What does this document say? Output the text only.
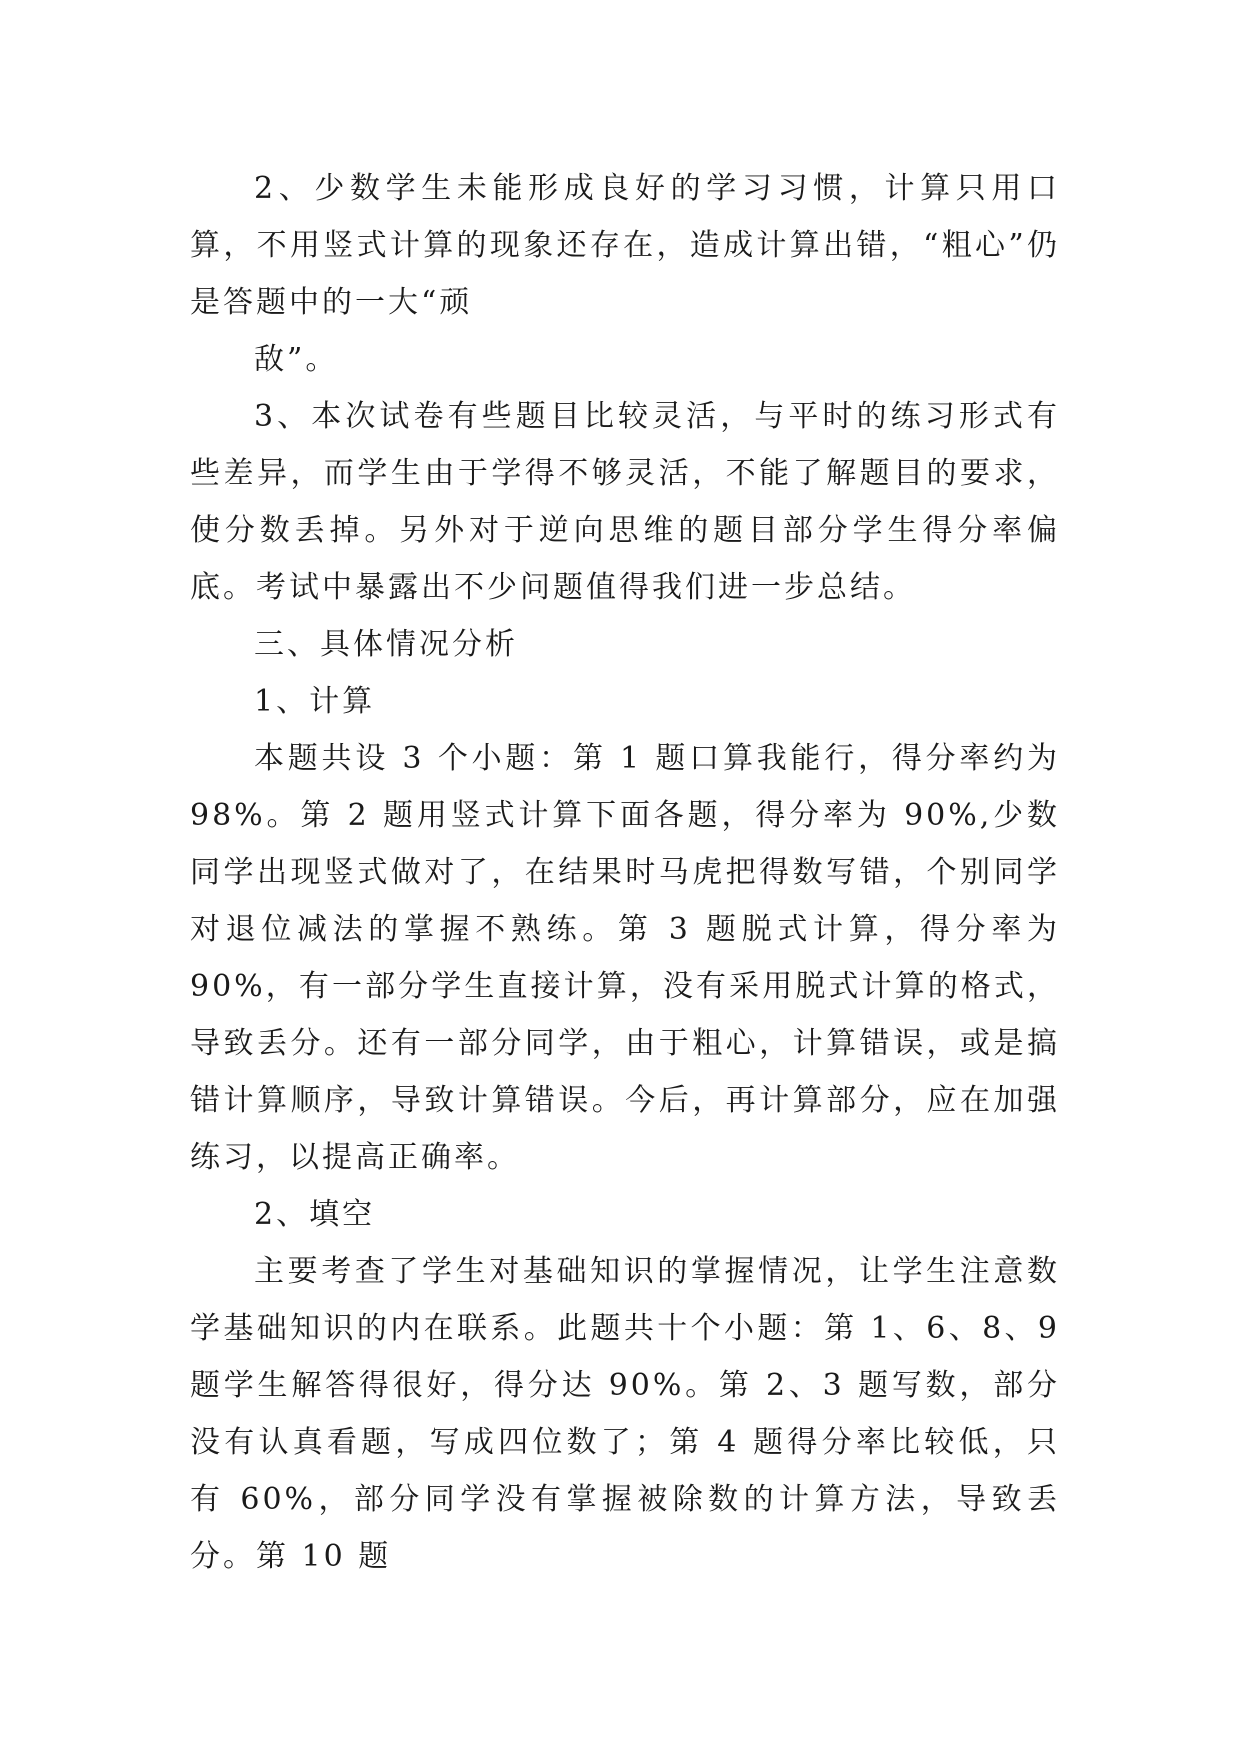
2、少数学生未能形成良好的学习习惯，计算只用口算，不用竖式计算的现象还存在，造成计算出错，“粗心”仍是答题中的一大“顽

敌”。

3、本次试卷有些题目比较灵活，与平时的练习形式有些差异，而学生由于学得不够灵活，不能了解题目的要求，使分数丢掉。另外对于逆向思维的题目部分学生得分率偏底。考试中暴露出不少问题值得我们进一步总结。

三、具体情况分析

1、计算

本题共设 3 个小题：第 1 题口算我能行，得分率约为 98%。第 2 题用竖式计算下面各题，得分率为 90%,少数同学出现竖式做对了，在结果时马虎把得数写错，个别同学对退位减法的掌握不熟练。第 3 题脱式计算，得分率为 90%，有一部分学生直接计算，没有采用脱式计算的格式，导致丢分。还有一部分同学，由于粗心，计算错误，或是搞错计算顺序，导致计算错误。今后，再计算部分，应在加强练习，以提高正确率。

2、填空

主要考查了学生对基础知识的掌握情况，让学生注意数学基础知识的内在联系。此题共十个小题：第 1、6、8、9 题学生解答得很好，得分达 90%。第 2、3 题写数，部分没有认真看题，写成四位数了；第 4 题得分率比较低，只有 60%，部分同学没有掌握被除数的计算方法，导致丢分。第 10 题
